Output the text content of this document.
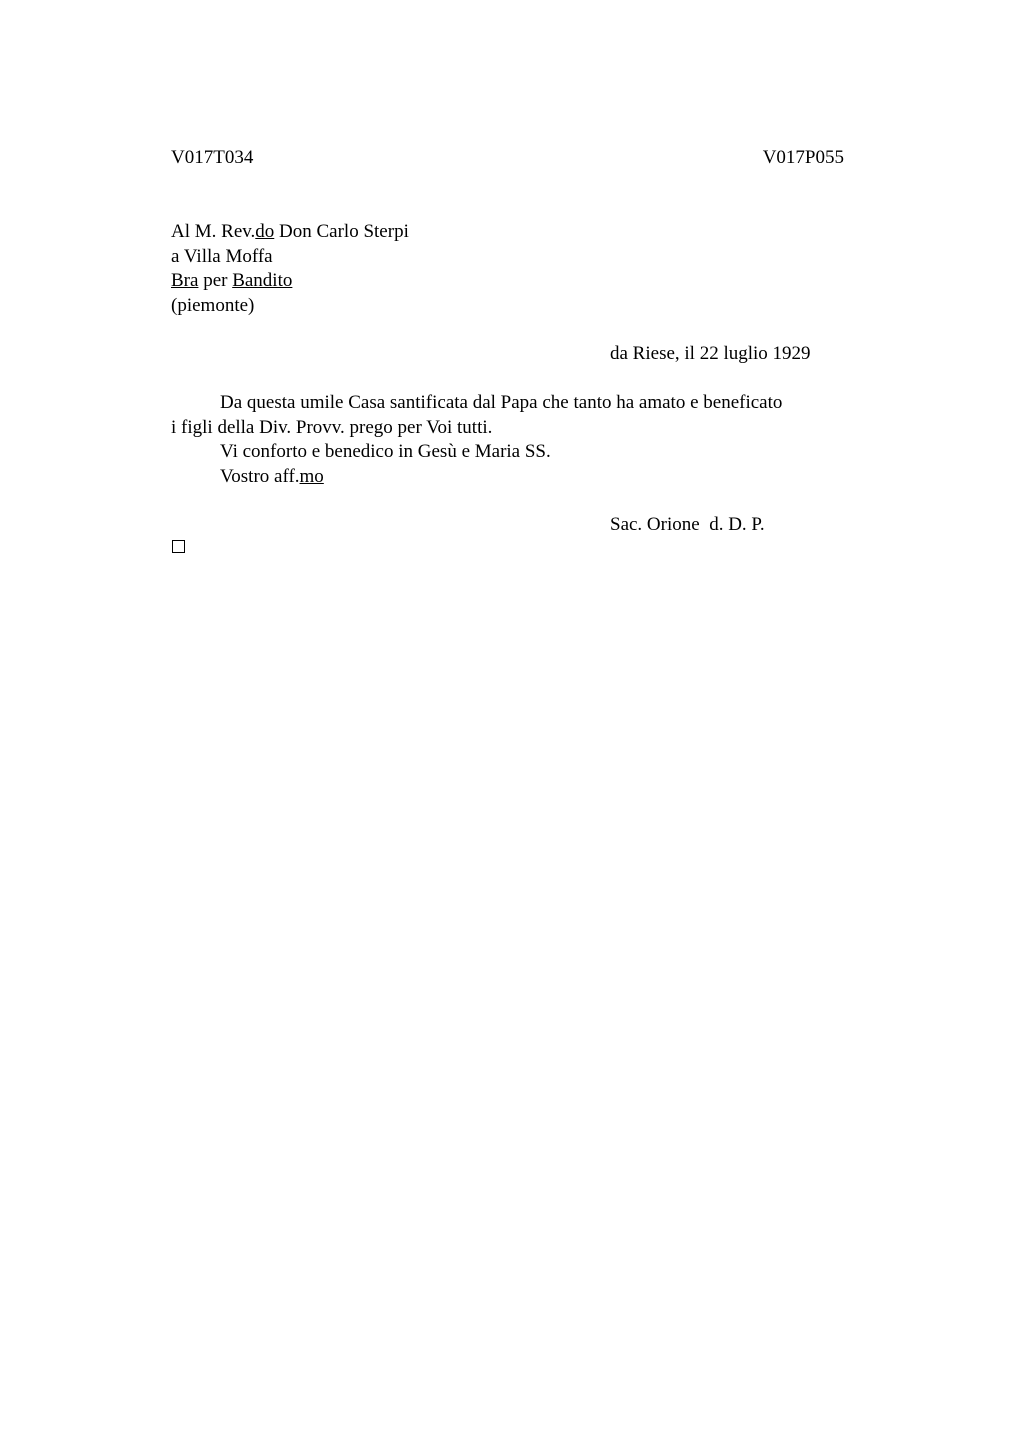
V017T034	V017P055
Al M. Rev.do Don Carlo Sterpi
a Villa Moffa
Bra per Bandito
(piemonte)
da Riese, il 22 luglio 1929
Da questa umile Casa santificata dal Papa che tanto ha amato e beneficato
i figli della Div. Provv. prego per Voi tutti.
Vi conforto e benedico in Gesù e Maria SS.
Vostro aff.mo
Sac. Orione  d. D. P.
